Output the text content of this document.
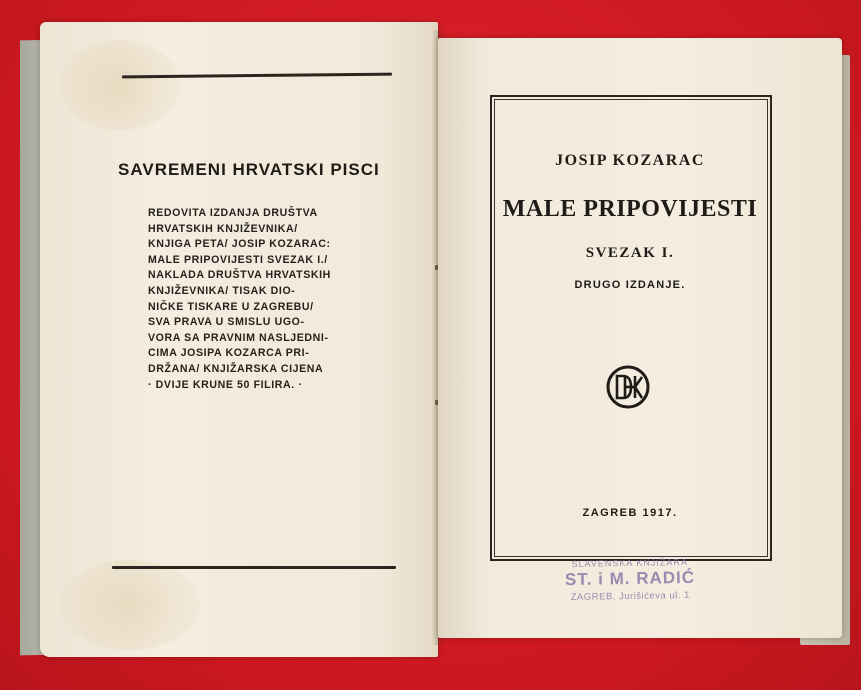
SAVREMENI HRVATSKI PISCI
REDOVITA IZDANJA DRUŠTVA
HRVATSKIH KNJIŽEVNIKA/
KNJIGA PETA/ JOSIP KOZARAC:
MALE PRIPOVIJESTI SVEZAK I./
NAKLADA DRUŠTVA HRVATSKIH
KNJIŽEVNIKA/ TISAK DIO-
NIČKE TISKARE U ZAGREBU/
SVA PRAVA U SMISLU UGO-
VORA SA PRAVNIM NASLJEDNI-
CIMA JOSIPA KOZARCA PRI-
DRŽANA/ KNJIŽARSKA CIJENA
· DVIJE KRUNE 50 FILIRA. ·
JOSIP KOZARAC
MALE PRIPOVIJESTI
SVEZAK I.
DRUGO IZDANJE.
ZAGREB 1917.
SLAVENSKA KNJIŽARA
ST. i M. RADIĆ
ZAGREB, Jurišićeva ul. 1
